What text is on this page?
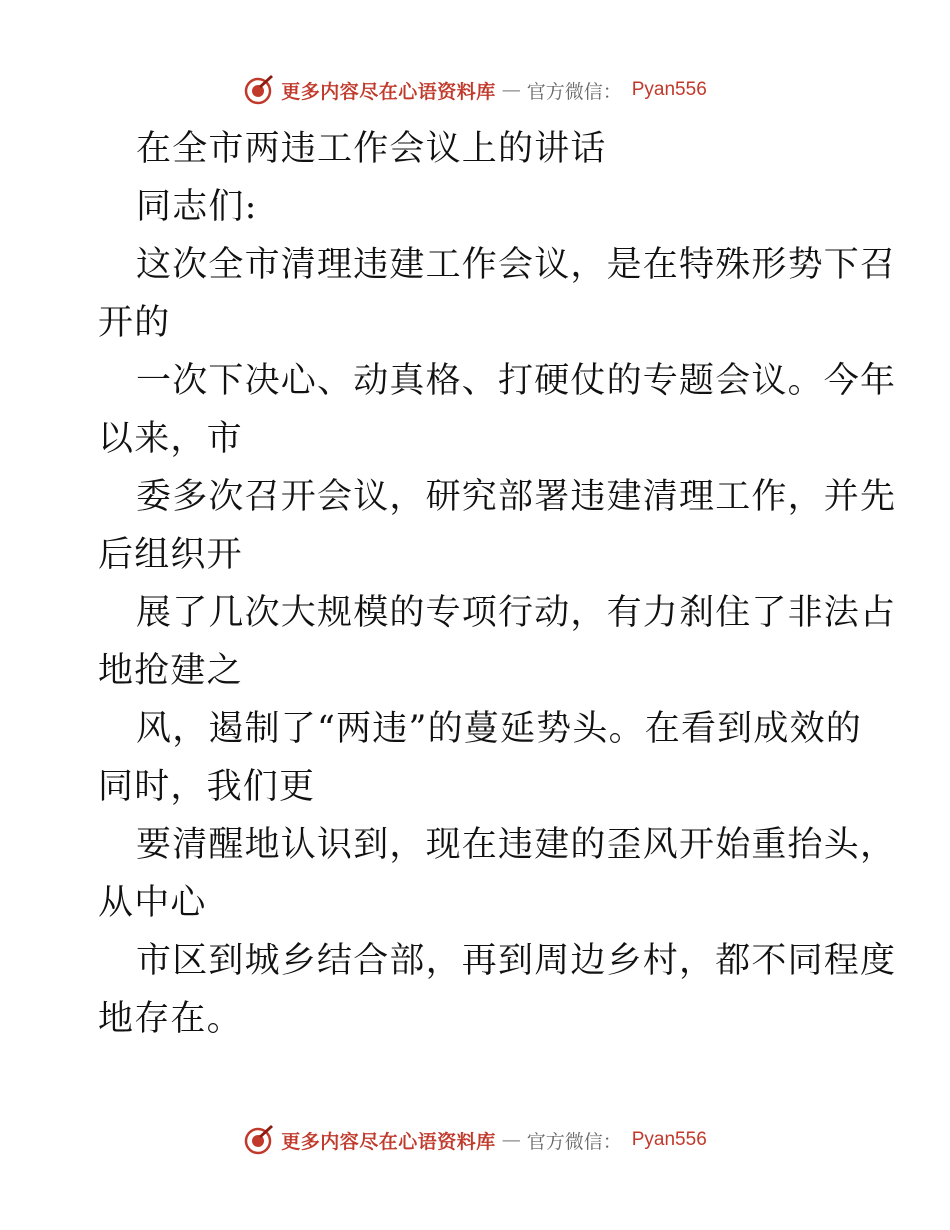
更多内容尽在心语资料库 — 官方微信： Pyan556
在全市两违工作会议上的讲话
同志们:
这次全市清理违建工作会议，是在特殊形势下召
开的
一次下决心、动真格、打硬仗的专题会议。今年
以来，市
委多次召开会议，研究部署违建清理工作，并先
后组织开
展了几次大规模的专项行动，有力刹住了非法占
地抢建之
风，遏制了“两违”的蔓延势头。在看到成效的
同时，我们更
要清醒地认识到，现在违建的歪风开始重抬头，
从中心
市区到城乡结合部，再到周边乡村，都不同程度
地存在。
更多内容尽在心语资料库 — 官方微信： Pyan556
